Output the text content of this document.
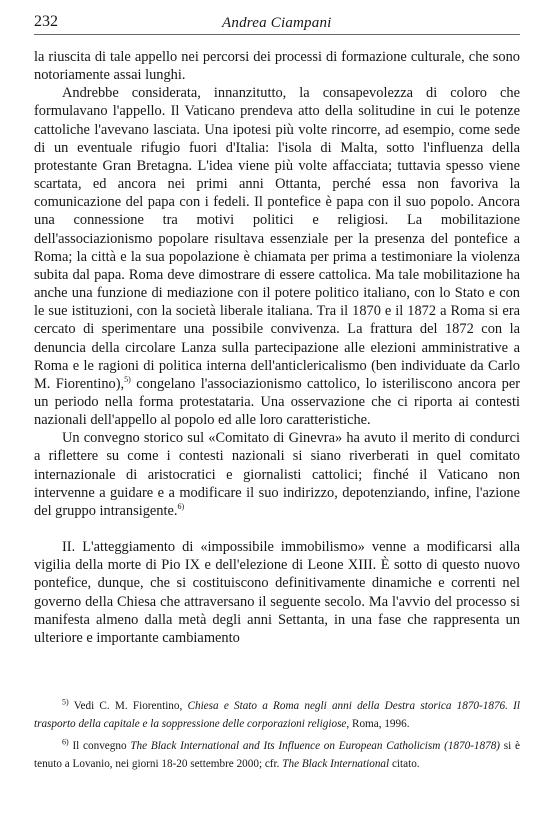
232	Andrea Ciampani

la riuscita di tale appello nei percorsi dei processi di formazione culturale, che sono notoriamente assai lunghi.

Andrebbe considerata, innanzitutto, la consapevolezza di coloro che formulavano l'appello. Il Vaticano prendeva atto della solitudine in cui le potenze cattoliche l'avevano lasciata. Una ipotesi più volte rincorre, ad esempio, come sede di un eventuale rifugio fuori d'Italia: l'isola di Malta, sotto l'influenza della protestante Gran Bretagna. L'idea viene più volte affacciata; tuttavia spesso viene scartata, ed ancora nei primi anni Ottanta, perché essa non favoriva la comunicazione del papa con i fedeli. Il pontefice è papa con il suo popolo. Ancora una connessione tra motivi politici e religiosi. La mobilitazione dell'associazionismo popolare risultava essenziale per la presenza del pontefice a Roma; la città e la sua popolazione è chiamata per prima a testimoniare la violenza subita dal papa. Roma deve dimostrare di essere cattolica. Ma tale mobilitazione ha anche una funzione di mediazione con il potere politico italiano, con lo Stato e con le sue istituzioni, con la società liberale italiana. Tra il 1870 e il 1872 a Roma si era cercato di sperimentare una possibile convivenza. La frattura del 1872 con la denuncia della circolare Lanza sulla partecipazione alle elezioni amministrative a Roma e le ragioni di politica interna dell'anticlericalismo (ben individuate da Carlo M. Fiorentino),$^{5)}$ congelano l'associazionismo cattolico, lo isteriliscono ancora per un periodo nella forma protestataria. Una osservazione che ci riporta ai contesti nazionali dell'appello al popolo ed alle loro caratteristiche.

Un convegno storico sul «Comitato di Ginevra» ha avuto il merito di condurci a riflettere su come i contesti nazionali si siano riverberati in quel comitato internazionale di aristocratici e giornalisti cattolici; finché il Vaticano non intervenne a guidare e a modificare il suo indirizzo, depotenziando, infine, l'azione del gruppo intransigente.$^{6)}$

II. L'atteggiamento di «impossibile immobilismo» venne a modificarsi alla vigilia della morte di Pio IX e dell'elezione di Leone XIII. È sotto di questo nuovo pontefice, dunque, che si costituiscono definitivamente dinamiche e correnti nel governo della Chiesa che attraversano il seguente secolo. Ma l'avvio del processo si manifesta almeno dalla metà degli anni Settanta, in una fase che rappresenta un ulteriore e importante cambiamento

$^{5)}$ Vedi C. M. Fiorentino, Chiesa e Stato a Roma negli anni della Destra storica 1870-1876. Il trasporto della capitale e la soppressione delle corporazioni religiose, Roma, 1996.

$^{6)}$ Il convegno The Black International and Its Influence on European Catholicism (1870-1878) si è tenuto a Lovanio, nei giorni 18-20 settembre 2000; cfr. The Black International citato.
